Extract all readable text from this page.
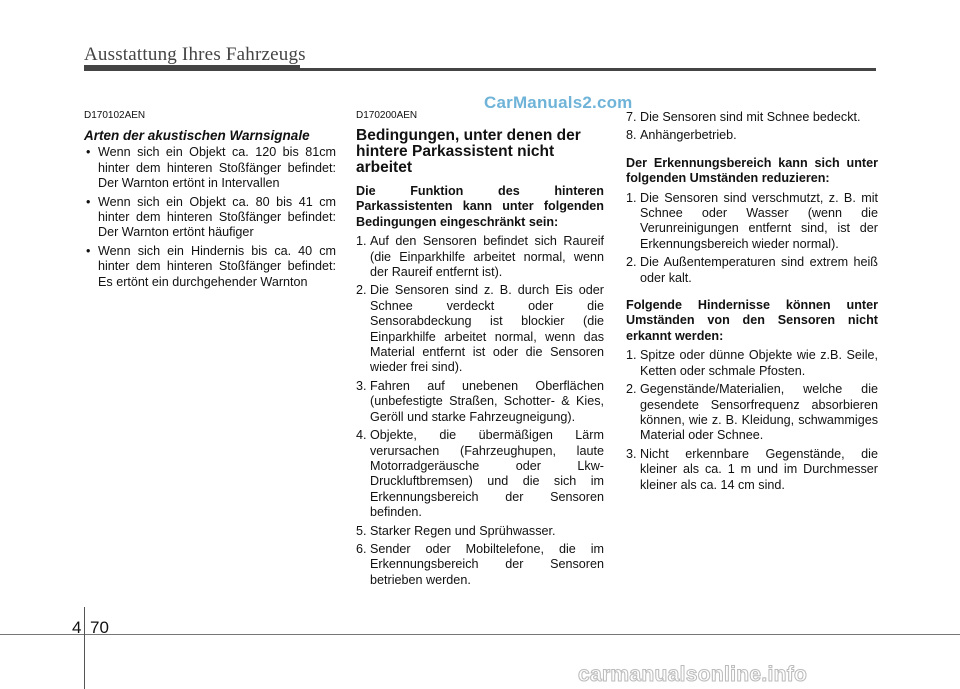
Ausstattung Ihres Fahrzeugs
CarManuals2.com
D170102AEN
Arten der akustischen Warnsignale
• Wenn sich ein Objekt ca. 120 bis 81cm hinter dem hinteren Stoßfänger befindet: Der Warnton ertönt in Intervallen
• Wenn sich ein Objekt ca. 80 bis 41 cm hinter dem hinteren Stoßfänger befindet: Der Warnton ertönt häufiger
• Wenn sich ein Hindernis bis ca. 40 cm hinter dem hinteren Stoßfänger befindet: Es ertönt ein durchgehender Warnton
D170200AEN
Bedingungen, unter denen der hintere Parkassistent nicht arbeitet
Die Funktion des hinteren Parkassistenten kann unter folgenden Bedingungen eingeschränkt sein:
1. Auf den Sensoren befindet sich Raureif (die Einparkhilfe arbeitet normal, wenn der Raureif entfernt ist).
2. Die Sensoren sind z. B. durch Eis oder Schnee verdeckt oder die Sensorabdeckung ist blockier (die Einparkhilfe arbeitet normal, wenn das Material entfernt ist oder die Sensoren wieder frei sind).
3. Fahren auf unebenen Oberflächen (unbefestigte Straßen, Schotter- & Kies, Geröll und starke Fahrzeugneigung).
4. Objekte, die übermäßigen Lärm verursachen (Fahrzeughupen, laute Motorradgeräusche oder Lkw-Druckluftbremsen) und die sich im Erkennungsbereich der Sensoren befinden.
5. Starker Regen und Sprühwasser.
6. Sender oder Mobiltelefone, die im Erkennungsbereich der Sensoren betrieben werden.
7. Die Sensoren sind mit Schnee bedeckt.
8. Anhängerbetrieb.
Der Erkennungsbereich kann sich unter folgenden Umständen reduzieren:
1. Die Sensoren sind verschmutzt, z. B. mit Schnee oder Wasser (wenn die Verunreinigungen entfernt sind, ist der Erkennungsbereich wieder normal).
2. Die Außentemperaturen sind extrem heiß oder kalt.
Folgende Hindernisse können unter Umständen von den Sensoren nicht erkannt werden:
1. Spitze oder dünne Objekte wie z.B. Seile, Ketten oder schmale Pfosten.
2. Gegenstände/Materialien, welche die gesendete Sensorfrequenz absorbieren können, wie z. B. Kleidung, schwammiges Material oder Schnee.
3. Nicht erkennbare Gegenstände, die kleiner als ca. 1 m und im Durchmesser kleiner als ca. 14 cm sind.
4 70
carmanualsonline.info
